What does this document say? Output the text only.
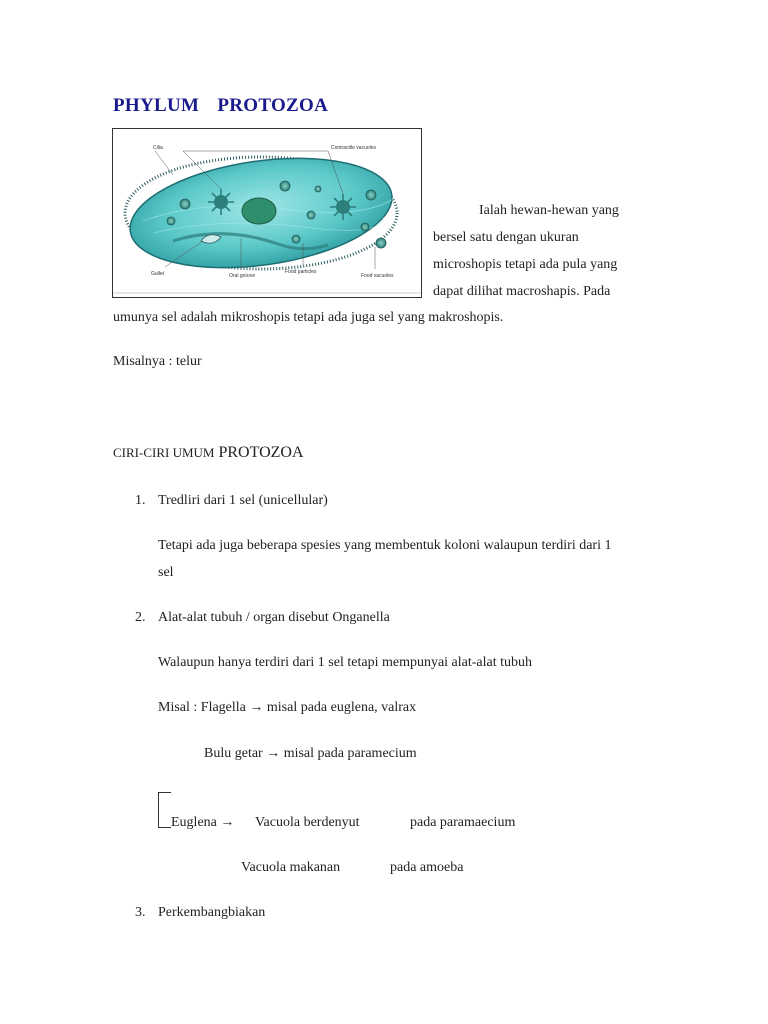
PHYLUM  PROTOZOA
Cilia	Contractile vacuoles
Gullet	Oral groove
Food particles
Food vacuoles
Ialah hewan-hewan yang
bersel satu dengan ukuran
microshopis tetapi ada pula yang
dapat dilihat macroshapis. Pada
umunya sel adalah mikroshopis tetapi ada juga sel yang makroshopis.
Misalnya : telur
CIRI-CIRI UMUM PROTOZOA
1. Tredliri dari 1 sel (unicellular)
Tetapi ada juga beberapa spesies yang membentuk koloni walaupun terdiri dari 1
sel
2. Alat-alat tubuh / organ disebut Onganella
Walaupun hanya terdiri dari 1 sel tetapi mempunyai alat-alat tubuh
Misal : Flagella → misal pada euglena, valrax
Bulu getar → misal pada paramecium
Euglena → Vacuola berdenyut	pada paramaecium
Vacuola makanan	pada amoeba
3. Perkembangbiakan
